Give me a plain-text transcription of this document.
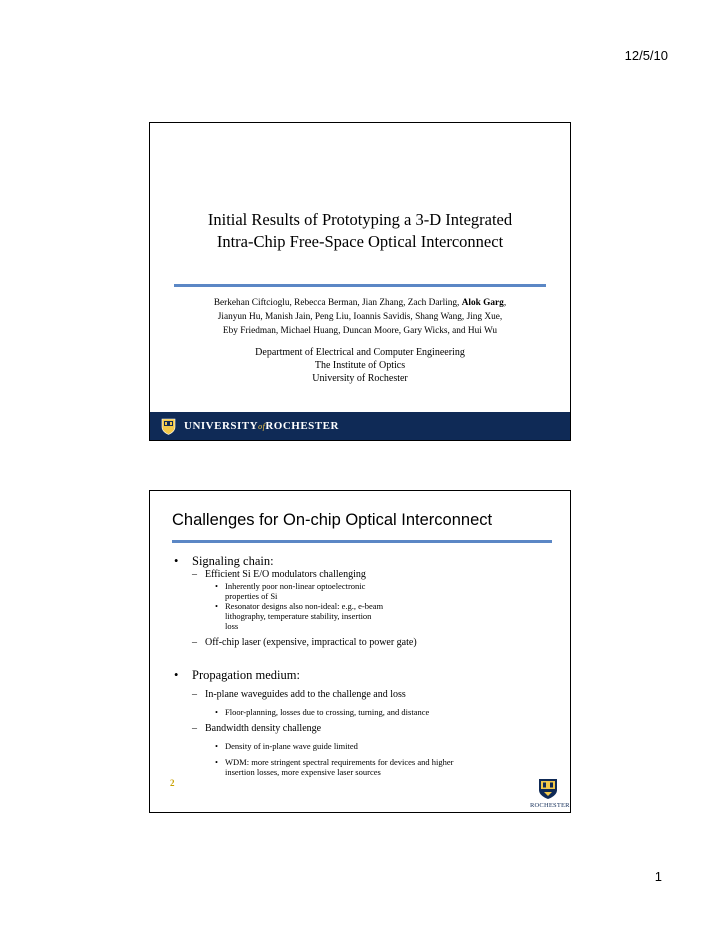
12/5/10
Initial Results of Prototyping a 3-D Integrated
Intra-Chip Free-Space Optical Interconnect
Berkehan Ciftcioglu, Rebecca Berman, Jian Zhang, Zach Darling, Alok Garg,
Jianyun Hu, Manish Jain, Peng Liu, Ioannis Savidis, Shang Wang, Jing Xue,
Eby Friedman, Michael Huang, Duncan Moore, Gary Wicks, and Hui Wu
Department of Electrical and Computer Engineering
The Institute of Optics
University of Rochester
UNIVERSITYofROCHESTER
Challenges for On-chip Optical Interconnect
• Signaling chain:
– Efficient Si E/O modulators challenging
• Inherently poor non-linear optoelectronic
properties of Si
• Resonator designs also non-ideal: e.g., e-beam
lithography, temperature stability, insertion
loss
– Off-chip laser (expensive, impractical to power gate)
• Propagation medium:
– In-plane waveguides add to the challenge and loss
• Floor-planning, losses due to crossing, turning, and distance
– Bandwidth density challenge
• Density of in-plane wave guide limited
• WDM: more stringent spectral requirements for devices and higher
insertion losses, more expensive laser sources
2
ROCHESTER
1
